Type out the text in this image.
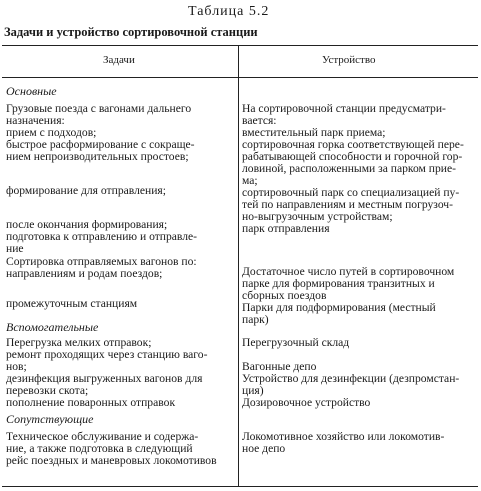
Таблица 5.2
Задачи и устройство сортировочной станции
Задачи	Устройство
Основные
Грузовые поезда с вагонами дальнего
назначения:
прием с подходов;
быстрое расформирование с сокраще-
нием непроизводительных простоев;
формирование для отправления;
после окончания формирования;
подготовка к отправлению и отправле-
ние
Сортировка отправляемых вагонов по:
направлениям и родам поездов;
промежуточным станциям
На сортировочной станции предусматри-
вается:
вместительный парк приема;
сортировочная горка соответствующей пере-
рабатывающей способности и горочной гор-
ловиной, расположенными за парком прие-
ма;
сортировочный парк со специализацией пу-
тей по направлениям и местным погрузоч-
но-выгрузочным устройствам;
парк отправления
Достаточное число путей в сортировочном
парке для формирования транзитных и
сборных поездов
Парки для подформирования (местный
парк)
Вспомогательные
Перегрузка мелких отправок;
ремонт проходящих через станцию ваго-
нов;
дезинфекция выгруженных вагонов для
перевозки скота;
пополнение поваронных отправок
Перегрузочный склад
Вагонные депо
Устройство для дезинфекции (дезпромстан-
ция)
Дозировочное устройство
Сопутствующие
Техническое обслуживание и содержа-
ние, а также подготовка в следующий
рейс поездных и маневровых локомотивов
Локомотивное хозяйство или локомотив-
ное депо
